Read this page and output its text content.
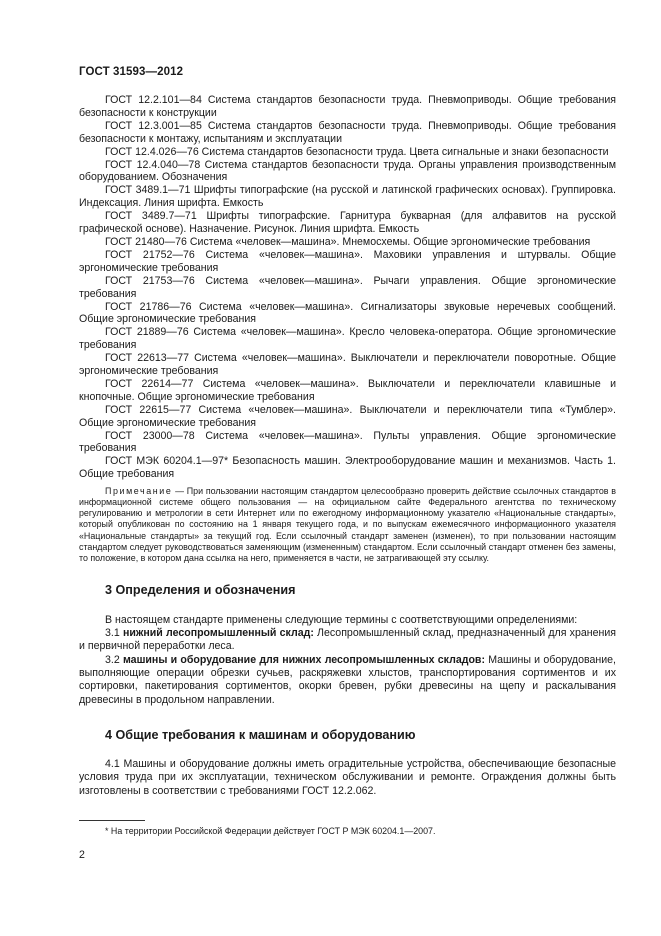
ГОСТ 31593—2012

ГОСТ 12.2.101—84 Система стандартов безопасности труда. Пневмоприводы. Общие требования безопасности к конструкции

ГОСТ 12.3.001—85 Система стандартов безопасности труда. Пневмоприводы. Общие требования безопасности к монтажу, испытаниям и эксплуатации

ГОСТ 12.4.026—76 Система стандартов безопасности труда. Цвета сигнальные и знаки безопасности

ГОСТ 12.4.040—78 Система стандартов безопасности труда. Органы управления производственным оборудованием. Обозначения

ГОСТ 3489.1—71 Шрифты типографские (на русской и латинской графических основах). Группировка. Индексация. Линия шрифта. Емкость

ГОСТ 3489.7—71 Шрифты типографские. Гарнитура букварная (для алфавитов на русской графической основе). Назначение. Рисунок. Линия шрифта. Емкость

ГОСТ 21480—76 Система «человек—машина». Мнемосхемы. Общие эргономические требования

ГОСТ 21752—76 Система «человек—машина». Маховики управления и штурвалы. Общие эргономические требования

ГОСТ 21753—76 Система «человек—машина». Рычаги управления. Общие эргономические требования

ГОСТ 21786—76 Система «человек—машина». Сигнализаторы звуковые неречевых сообщений. Общие эргономические требования

ГОСТ 21889—76 Система «человек—машина». Кресло человека-оператора. Общие эргономические требования

ГОСТ 22613—77 Система «человек—машина». Выключатели и переключатели поворотные. Общие эргономические требования

ГОСТ 22614—77 Система «человек—машина». Выключатели и переключатели клавишные и кнопочные. Общие эргономические требования

ГОСТ 22615—77 Система «человек—машина». Выключатели и переключатели типа «Тумблер». Общие эргономические требования

ГОСТ 23000—78 Система «человек—машина». Пульты управления. Общие эргономические требования

ГОСТ МЭК 60204.1—97* Безопасность машин. Электрооборудование машин и механизмов. Часть 1. Общие требования

Примечание — При пользовании настоящим стандартом целесообразно проверить действие ссылочных стандартов в информационной системе общего пользования — на официальном сайте Федерального агентства по техническому регулированию и метрологии в сети Интернет или по ежегодному информационному указателю «Национальные стандарты», который опубликован по состоянию на 1 января текущего года, и по выпускам ежемесячного информационного указателя «Национальные стандарты» за текущий год. Если ссылочный стандарт заменен (изменен), то при пользовании настоящим стандартом следует руководствоваться заменяющим (измененным) стандартом. Если ссылочный стандарт отменен без замены, то положение, в котором дана ссылка на него, применяется в части, не затрагивающей эту ссылку.

3 Определения и обозначения

В настоящем стандарте применены следующие термины с соответствующими определениями:

3.1 нижний лесопромышленный склад: Лесопромышленный склад, предназначенный для хранения и первичной переработки леса.

3.2 машины и оборудование для нижних лесопромышленных складов: Машины и оборудование, выполняющие операции обрезки сучьев, раскряжевки хлыстов, транспортирования сортиментов и их сортировки, пакетирования сортиментов, окорки бревен, рубки древесины на щепу и раскалывания древесины в продольном направлении.

4 Общие требования к машинам и оборудованию

4.1 Машины и оборудование должны иметь оградительные устройства, обеспечивающие безопасные условия труда при их эксплуатации, техническом обслуживании и ремонте. Ограждения должны быть изготовлены в соответствии с требованиями ГОСТ 12.2.062.

* На территории Российской Федерации действует ГОСТ Р МЭК 60204.1—2007.
2
